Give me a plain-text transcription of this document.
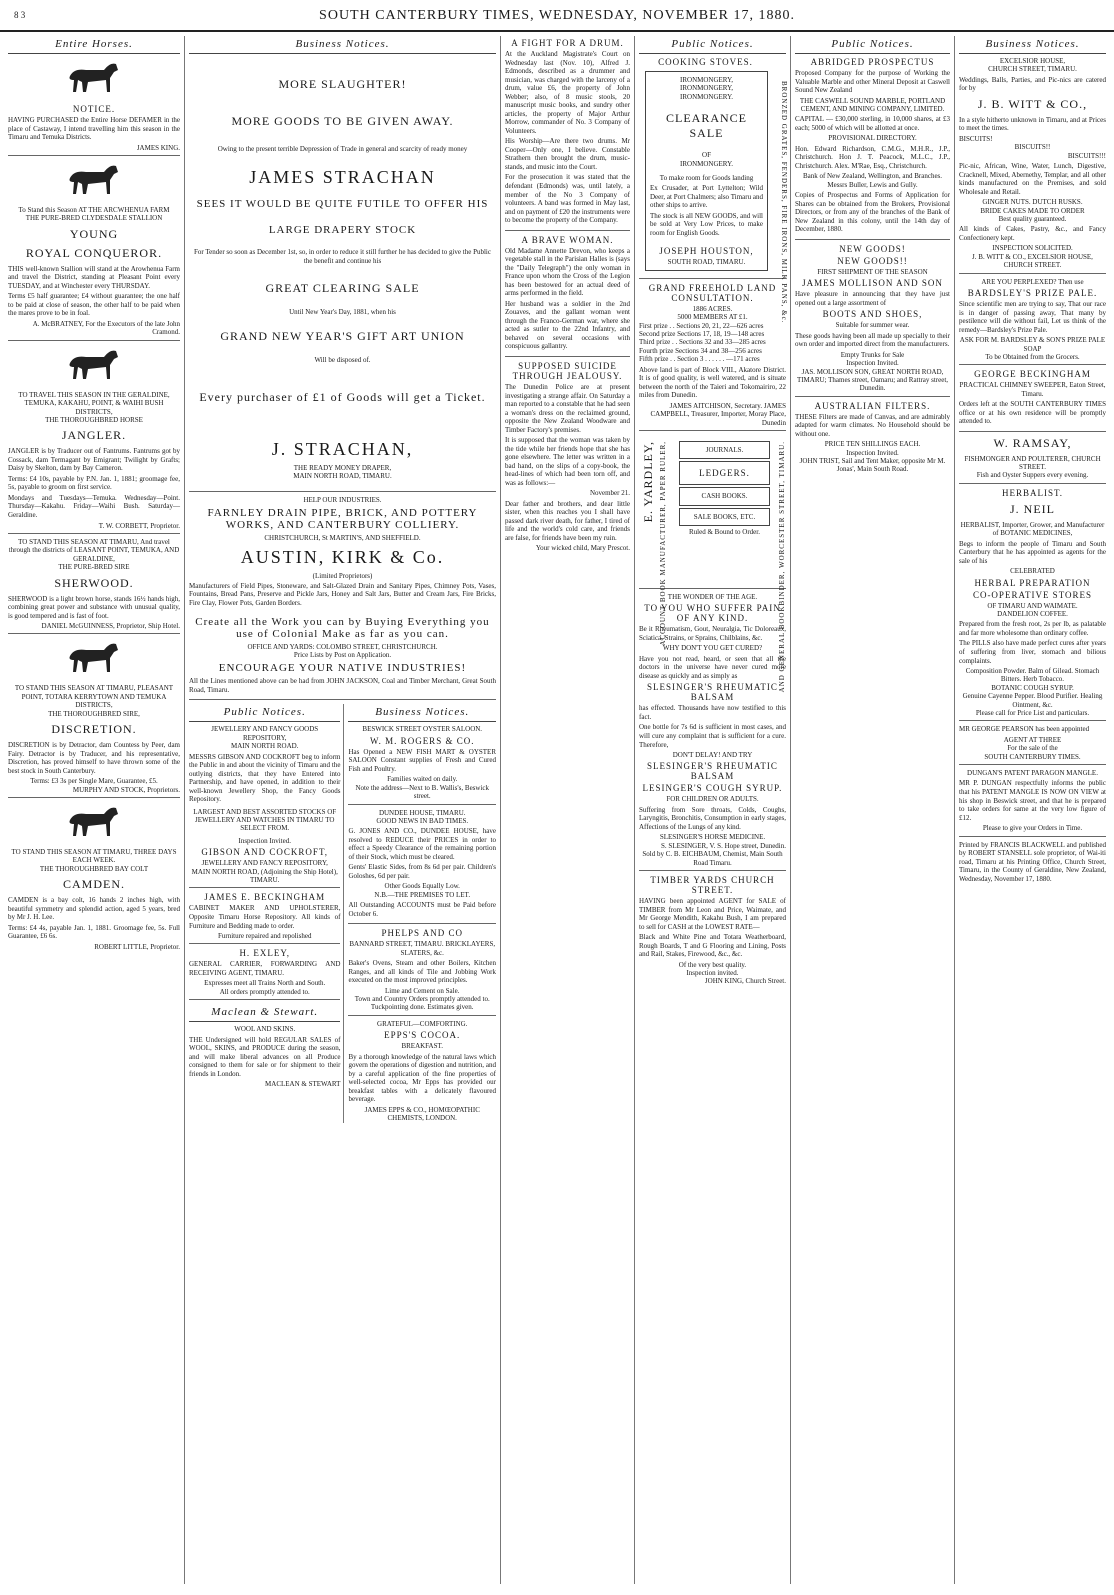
8 3	SOUTH CANTERBURY TIMES, WEDNESDAY, NOVEMBER 17, 1880.
Entire Horses.
NOTICE.
HAVING PURCHASED the Entire Horse DEFAMER in the place of Castaway, I intend travelling him this season in the Timaru and Temuka Districts.
JAMES KING.
To Stand this Season AT THE ARCWHENUA FARM
THE PURE-BRED CLYDESDALE STALLION
YOUNG
ROYAL CONQUEROR.
THIS well-known Stallion will stand at the Arowhenua Farm and travel the District, standing at Pleasant Point every TUESDAY, and at Winchester every THURSDAY.
Terms £5 half guarantee; £4 without guarantee; the one half to be paid at close of season, the other half to be paid when the mares prove to be in foal.
A. McBRATNEY, For the Executors of the late John Cramond.
TO TRAVEL THIS SEASON IN THE GERALDINE, TEMUKA, KAKAHU, POINT, & WAIHI BUSH DISTRICTS,
THE THOROUGHBRED HORSE
JANGLER.
JANGLER is by Traducer out of Fantrums. Fantrums got by Cossack, dam Termagant by Emigrant; Twilight by Grafts; Daisy by Skelton, dam by Bay Cameron.
Terms: £4 10s, payable by P.N. Jan. 1, 1881; groomage fee, 5s, payable to groom on first service.
Mondays and Tuesdays—Temuka. Wednesday—Point. Thursday—Kakahu. Friday—Waihi Bush. Saturday—Geraldine.
T. W. CORBETT, Proprietor.
TO STAND THIS SEASON AT TIMARU, And travel through the districts of LEASANT POINT, TEMUKA, AND GERALDINE,
THE PURE-BRED SIRE
SHERWOOD.
SHERWOOD is a light brown horse, stands 16½ hands high, combining great power and substance with unusual quality, is good tempered and is fast of foot.
DANIEL McGUINNESS, Proprietor, Ship Hotel.
TO STAND THIS SEASON AT TIMARU, PLEASANT POINT, TOTARA KERRYTOWN AND TEMUKA DISTRICTS,
THE THOROUGHBRED SIRE,
DISCRETION.
DISCRETION is by Detractor, dam Countess by Peer, dam Fairy. Detractor is by Traducer, and his representative, Discretion, has proved himself to have thrown some of the best stock in South Canterbury.
Terms: £3 3s per Single Mare, Guarantee, £5.
MURPHY AND STOCK, Proprietors.
TO STAND THIS SEASON AT TIMARU, THREE DAYS EACH WEEK.
THE THOROUGHBRED BAY COLT
CAMDEN.
CAMDEN is a bay colt, 16 hands 2 inches high, with beautiful symmetry and splendid action, aged 5 years, bred by Mr J. H. Lee.
Terms: £4 4s, payable Jan. 1, 1881. Groomage fee, 5s. Full Guarantee, £6 6s.
ROBERT LITTLE, Proprietor.
Business Notices.
MORE SLAUGHTER!
MORE GOODS TO BE GIVEN AWAY.
Owing to the present terrible Depression of Trade in general and scarcity of ready money
JAMES STRACHAN
SEES IT WOULD BE QUITE FUTILE TO OFFER HIS
LARGE DRAPERY STOCK
For Tender so soon as December 1st, so, in order to reduce it still further he has decided to give the Public the benefit and continue his
GREAT CLEARING SALE
Until New Year's Day, 1881, when his
GRAND NEW YEAR'S GIFT ART UNION
Will be disposed of.
Every purchaser of £1 of Goods will get a Ticket.
J. STRACHAN,
THE READY MONEY DRAPER,
MAIN NORTH ROAD, TIMARU.
HELP OUR INDUSTRIES.
FARNLEY DRAIN PIPE, BRICK, AND POTTERY WORKS, AND CANTERBURY COLLIERY.
CHRISTCHURCH, St MARTIN'S, AND SHEFFIELD.
AUSTIN, KIRK & Co.
(Limited Proprietors)
Manufacturers of Field Pipes, Stoneware, and Salt-Glazed Drain and Sanitary Pipes, Chimney Pots, Vases, Fountains, Bread Pans, Preserve and Pickle Jars, Honey and Salt Jars, Butter and Cream Jars, Fire Bricks, Fire Clay, Flower Pots, Garden Borders.
Create all the Work you can by Buying Everything you use of Colonial Make as far as you can.
OFFICE AND YARDS: COLOMBO STREET, CHRISTCHURCH.
Price Lists by Post on Application.
ENCOURAGE YOUR NATIVE INDUSTRIES!
All the Lines mentioned above can be had from JOHN JACKSON, Coal and Timber Merchant, Great South Road, Timaru.
Public Notices.
JEWELLERY AND FANCY GOODS REPOSITORY,
MAIN NORTH ROAD.
MESSRS GIBSON AND COCKROFT beg to inform the Public in and about the vicinity of Timaru and the outlying districts, that they have Entered into Partnership, and have opened, in addition to their well-known Jewellery Shop, the Fancy Goods Repository.
LARGEST AND BEST ASSORTED STOCKS OF JEWELLERY AND WATCHES IN TIMARU TO SELECT FROM.
Inspection Invited.
GIBSON AND COCKROFT,
JEWELLERY AND FANCY REPOSITORY,
MAIN NORTH ROAD, (Adjoining the Ship Hotel), TIMARU.
JAMES E. BECKINGHAM
CABINET MAKER AND UPHOLSTERER, Opposite Timaru Horse Repository. All kinds of Furniture and Bedding made to order.
Furniture repaired and repolished
H. EXLEY,
GENERAL CARRIER, FORWARDING AND RECEIVING AGENT, TIMARU.
Expresses meet all Trains North and South.
All orders promptly attended to.
Maclean & Stewart.
WOOL AND SKINS.
THE Undersigned will hold REGULAR SALES of WOOL, SKINS, and PRODUCE during the season, and will make liberal advances on all Produce consigned to them for sale or for shipment to their friends in London.
MACLEAN & STEWART
Business Notices.
BESWICK STREET OYSTER SALOON.
W. M. ROGERS & CO.
Has Opened a NEW FISH MART & OYSTER SALOON Constant supplies of Fresh and Cured Fish and Poultry.
Families waited on daily.
Note the address—Next to B. Wallis's, Beswick street.
DUNDEE HOUSE, TIMARU.
GOOD NEWS IN BAD TIMES.
G. JONES AND CO., DUNDEE HOUSE, have resolved to REDUCE their PRICES in order to effect a Speedy Clearance of the remaining portion of their Stock, which must be cleared.
Gents' Elastic Sides, from 8s 6d per pair. Children's Goloshes, 6d per pair.
Other Goods Equally Low.
N.B.—THE PREMISES TO LET.
All Outstanding ACCOUNTS must be Paid before October 6.
PHELPS AND CO
BANNARD STREET, TIMARU. BRICKLAYERS, SLATERS, &c.
Baker's Ovens, Steam and other Boilers, Kitchen Ranges, and all kinds of Tile and Jobbing Work executed on the most improved principles.
Lime and Cement on Sale.
Town and Country Orders promptly attended to.
Tuckpointing done. Estimates given.
GRATEFUL—COMFORTING.
EPPS'S COCOA.
BREAKFAST.
By a thorough knowledge of the natural laws which govern the operations of digestion and nutrition, and by a careful application of the fine properties of well-selected cocoa, Mr Epps has provided our breakfast tables with a delicately flavoured beverage.
JAMES EPPS & CO., HOMŒOPATHIC CHEMISTS, LONDON.
A FIGHT FOR A DRUM.
At the Auckland Magistrate's Court on Wednesday last (Nov. 10), Alfred J. Edmonds, described as a drummer and musician, was charged with the larceny of a drum, value £6, the property of John Webber; also, of 8 music stools, 20 manuscript music books, and sundry other articles, the property of Major Arthur Morrow, commander of No. 3 Company of Volunteers.
His Worship—Are there two drums. Mr Cooper—Only one, I believe. Constable Strathern then brought the drum, music-stands, and music into the Court.
For the prosecution it was stated that the defendant (Edmonds) was, until lately, a member of the No 3 Company of volunteers. A band was formed in May last, and on payment of £20 the instruments were to become the property of the Company.
A BRAVE WOMAN.
Old Madame Annette Drevon, who keeps a vegetable stall in the Parisian Halles is (says the "Daily Telegraph") the only woman in France upon whom the Cross of the Legion has been bestowed for an actual deed of arms performed in the field.
Her husband was a soldier in the 2nd Zouaves, and the gallant woman went through the Franco-German war, where she acted as sutler to the 22nd Infantry, and behaved on several occasions with conspicuous gallantry.
SUPPOSED SUICIDE THROUGH JEALOUSY.
The Dunedin Police are at present investigating a strange affair. On Saturday a man reported to a constable that he had seen a woman's dress on the reclaimed ground, opposite the New Zealand Woodware and Timber Factory's premises.
It is supposed that the woman was taken by the tide while her friends hope that she has gone elsewhere. The letter was written in a bad hand, on the slips of a copy-book, the head-lines of which had been torn off, and was as follows:—
November 21.
Dear father and brothers, and dear little sister, when this reaches you I shall have passed dark river death, for father, I tired of life and the world's cold care, and friends are false, for friends have been my ruin.
Your wicked child, Mary Prescot.
Public Notices.
COOKING STOVES.
IRONMONGERY,
IRONMONGERY,
IRONMONGERY.
CLEARANCE SALE
OF
IRONMONGERY.
To make room for Goods landing
Ex Crusader, at Port Lyttelton; Wild Deer, at Port Chalmers; also Timaru and other ships to arrive.
The stock is all NEW GOODS, and will be sold at Very Low Prices, to make room for English Goods.
JOSEPH HOUSTON,
SOUTH ROAD, TIMARU.	BRONZED GRATES, FENDERS, FIRE IRONS, MILK PANS, &c.
GRAND FREEHOLD LAND CONSULTATION.
1886 ACRES.
5000 MEMBERS AT £1.
First prize . . Sections 20, 21, 22—626 acres
Second prize Sections 17, 18, 19—148 acres
Third prize . . Sections 32 and 33—285 acres
Fourth prize Sections 34 and 38—256 acres
Fifth prize . . Section 3 . . . . . . —171 acres
Above land is part of Block VIII., Akatore District. It is of good quality, is well watered, and is situate between the north of the Taieri and Tokomairiro, 22 miles from Dunedin.
JAMES AITCHISON, Secretary. JAMES CAMPBELL, Treasurer, Importer, Moray Place, Dunedin
E. YARDLEY, ACCOUNT BOOK MANUFACTURER, PAPER RULER,	JOURNALS.
LEDGERS.
CASH BOOKS.
SALE BOOKS, ETC.
Ruled & Bound to Order.	AND GENERAL BOOKBINDER, WORCESTER STREET, TIMARU.
THE WONDER OF THE AGE.
TO YOU WHO SUFFER PAIN OF ANY KIND.
Be it Rheumatism, Gout, Neuralgia, Tic Doloreaux, Sciatica, Strains, or Sprains, Chilblains, &c.
WHY DON'T YOU GET CURED?
Have you not read, heard, or seen that all the doctors in the universe have never cured more disease as quickly and as simply as
SLESINGER'S RHEUMATIC BALSAM
has effected. Thousands have now testified to this fact.
One bottle for 7s 6d is sufficient in most cases, and will cure any complaint that is sufficient for a cure. Therefore,
DON'T DELAY! AND TRY
SLESINGER'S RHEUMATIC BALSAM
LESINGER'S COUGH SYRUP.
FOR CHILDREN OR ADULTS.
Suffering from Sore throats, Colds, Coughs, Laryngitis, Bronchitis, Consumption in early stages, Affections of the Lungs of any kind.
SLESINGER'S HORSE MEDICINE.
S. SLESINGER, V. S. Hope street, Dunedin.
Sold by C. B. EICHBAUM, Chemist, Main South Road Timaru.
TIMBER YARDS CHURCH STREET.
HAVING been appointed AGENT for SALE of TIMBER from Mr Leon and Price, Waimate, and Mr George Mendith, Kakahu Bush, I am prepared to sell for CASH at the LOWEST RATE—
Black and White Pine and Totara Weatherboard, Rough Boards, T and G Flooring and Lining, Posts and Rail, Stakes, Firewood, &c., &c.
Of the very best quality.
Inspection invited.
JOHN KING, Church Street.
Public Notices.
ABRIDGED PROSPECTUS
Proposed Company for the purpose of Working the Valuable Marble and other Mineral Deposit at Caswell Sound New Zealand
THE CASWELL SOUND MARBLE, PORTLAND CEMENT, AND MINING COMPANY, LIMITED.
CAPITAL — £30,000 sterling, in 10,000 shares, at £3 each; 5000 of which will be allotted at once.
PROVISIONAL DIRECTORY.
Hon. Edward Richardson, C.M.G., M.H.R., J.P., Christchurch. Hon J. T. Peacock, M.L.C., J.P., Christchurch. Alex. M'Rae, Esq., Christchurch.
Bank of New Zealand, Wellington, and Branches.
Messrs Buller, Lewis and Gully.
Copies of Prospectus and Forms of Application for Shares can be obtained from the Brokers, Provisional Directors, or from any of the branches of the Bank of New Zealand in this colony, until the 14th day of December, 1880.
NEW GOODS!
NEW GOODS!!
FIRST SHIPMENT OF THE SEASON
JAMES MOLLISON AND SON
Have pleasure in announcing that they have just opened out a large assortment of
BOOTS AND SHOES,
Suitable for summer wear.
These goods having been all made up specially to their own order and imported direct from the manufacturers.
Empty Trunks for Sale
Inspection Invited.
JAS. MOLLISON SON, GREAT NORTH ROAD, TIMARU; Thames street, Oamaru; and Rattray street, Dunedin.
AUSTRALIAN FILTERS.
THESE Filters are made of Canvas, and are admirably adapted for warm climates. No Household should be without one.
PRICE TEN SHILLINGS EACH.
Inspection Invited.
JOHN TRIST, Sail and Tent Maker, opposite Mr M. Jonas', Main South Road.
Business Notices.
EXCELSIOR HOUSE,
CHURCH STREET, TIMARU.
Weddings, Balls, Parties, and Pic-nics are catered for by
J. B. WITT & CO.,
In a style hitherto unknown in Timaru, and at Prices to meet the times.
BISCUITS!
BISCUITS!!
BISCUITS!!!
Pic-nic, African, Wine, Water, Lunch, Digestive, Cracknell, Mixed, Abernethy, Templar, and all other kinds manufactured on the Premises, and sold Wholesale and Retail.
GINGER NUTS. DUTCH RUSKS.
BRIDE CAKES MADE TO ORDER
Best quality guaranteed.
All kinds of Cakes, Pastry, &c., and Fancy Confectionery kept.
INSPECTION SOLICITED.
J. B. WITT & CO., EXCELSIOR HOUSE, CHURCH STREET.
ARE YOU PERPLEXED? Then use
BARDSLEY'S PRIZE PALE.
Since scientific men are trying to say, That our race is in danger of passing away, That many by pestilence will die without fail, Let us think of the remedy—Bardsley's Prize Pale.
ASK FOR M. BARDSLEY & SON'S PRIZE PALE SOAP
To be Obtained from the Grocers.
GEORGE BECKINGHAM
PRACTICAL CHIMNEY SWEEPER, Eaton Street, Timaru.
Orders left at the SOUTH CANTERBURY TIMES office or at his own residence will be promptly attended to.
W. RAMSAY,
FISHMONGER AND POULTERER, CHURCH STREET.
Fish and Oyster Suppers every evening.
HERBALIST.
J. NEIL
HERBALIST, Importer, Grower, and Manufacturer of BOTANIC MEDICINES,
Begs to inform the people of Timaru and South Canterbury that he has appointed as agents for the sale of his
CELEBRATED
HERBAL PREPARATION
CO-OPERATIVE STORES
OF TIMARU AND WAIMATE.
DANDELION COFFEE.
Prepared from the fresh root, 2s per lb, as palatable and far more wholesome than ordinary coffee.
The PILLS also have made perfect cures after years of suffering from liver, stomach and bilious complaints.
Composition Powder. Balm of Gilead. Stomach Bitters. Herb Tobacco.
BOTANIC COUGH SYRUP.
Genuine Cayenne Pepper. Blood Purifier. Healing Ointment, &c.
Please call for Price List and particulars.
MR GEORGE PEARSON has been appointed
AGENT AT THREE
For the sale of the
SOUTH CANTERBURY TIMES.
DUNGAN'S PATENT PARAGON MANGLE.
MR P. DUNGAN respectfully informs the public that his PATENT MANGLE IS NOW ON VIEW at his shop in Beswick street, and that he is prepared to take orders for same at the very low figure of £12.
Please to give your Orders in Time.
Printed by FRANCIS BLACKWELL and published by ROBERT STANSELL sole proprietor, of Wai-iti road, Timaru at his Printing Office, Church Street, Timaru, in the County of Geraldine, New Zealand, Wednesday, November 17, 1880.
